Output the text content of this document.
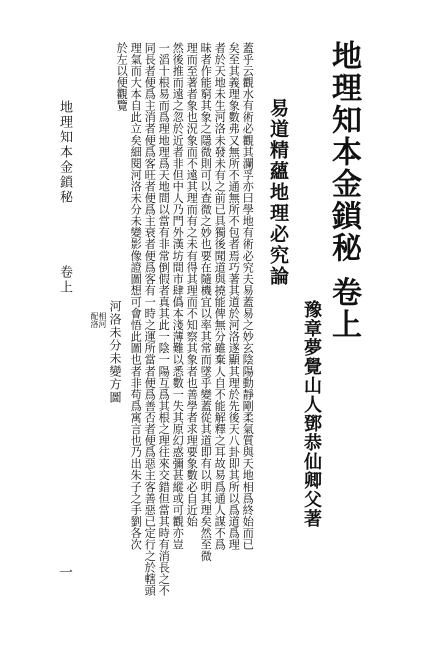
地理知本金鎖秘 卷上
豫章夢覺山人鄧恭仙卿父著
易道精蘊地理必究論
蓋乎云觀水有術必觀其瀾孚亦曰學地有術必究夫易蓋易之妙玄陰陽動靜剛柔氣質與天地相爲終始而已
矣至其義理象數弗又無所不通無所不包者焉巧著其道於河洛遂顯其理於先後天八卦即其所以爲道爲理
者於天地未生河洛未發未有之前已具獨後聞道與撓能俾無分雖棄人自不能解釋之耳故易爲通人謀不爲
昧者作能窮其象之隱微則可以查微之妙也要在隨機宜以率其常而墜乎變蓋從其道即有以明其理矣然至微
理而至著者象也況象而不遠其理而有之未有得其理而不知察其象者也善學者求理要象數必自近始
然後推而遠之忽於近者非但中人乃門外漢坊間市肆僞本淺薄難以悉數一失其原幻惑彌甚縱或可觀亦豈
一滔十根易而爲理地理爲天地間以當有非常倒假者真其此一陰一陽互爲其根之理往來交錯但當其時有消長之不
同長者便爲主消者便爲客旺者便爲主衰者便爲客有一時之運所當者便爲善否者便爲惡主客善惡已定行之於轄頭
理氣而大本自此立矣細閱河洛未分未變影像證圖想可會悟此圖也者非苟爲寓言也乃出朱子之手劉各次
於左以便觀覽
河洛未分未變方圖
相河
配洛
地理知本金鎖秘卷上
一
